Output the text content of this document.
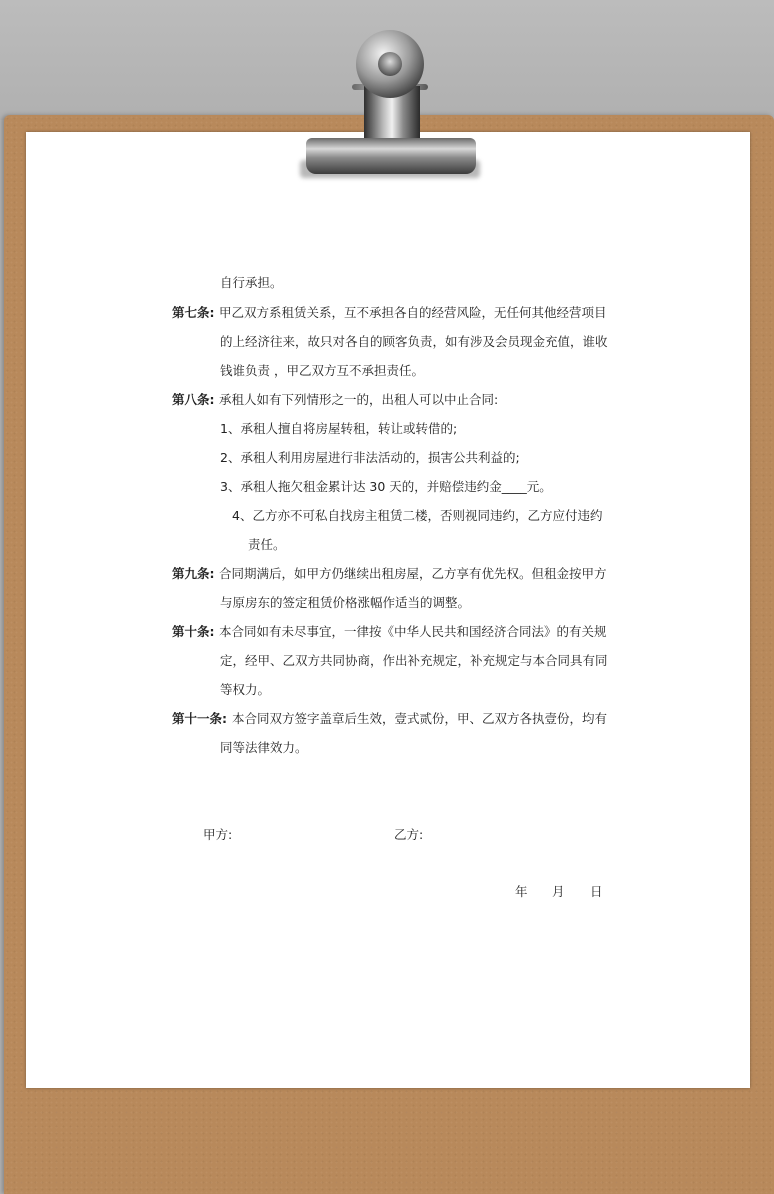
自行承担。
第七条: 甲乙双方系租赁关系，互不承担各自的经营风险，无任何其他经营项目
的上经济往来，故只对各自的顾客负责，如有涉及会员现金充值，谁收
钱谁负责 ，甲乙双方互不承担责任。
第八条: 承租人如有下列情形之一的，出租人可以中止合同:
1、承租人擅自将房屋转租，转让或转借的;
2、承租人利用房屋进行非法活动的，损害公共利益的;
3、承租人拖欠租金累计达 30 天的，并赔偿违约金____元。
4、乙方亦不可私自找房主租赁二楼，否则视同违约，乙方应付违约
责任。
第九条: 合同期满后，如甲方仍继续出租房屋，乙方享有优先权。但租金按甲方
与原房东的签定租赁价格涨幅作适当的调整。
第十条: 本合同如有未尽事宜，一律按《中华人民共和国经济合同法》的有关规
定，经甲、乙双方共同协商，作出补充规定，补充规定与本合同具有同
等权力。
第十一条: 本合同双方签字盖章后生效，壹式贰份，甲、乙双方各执壹份，均有
同等法律效力。
甲方:	乙方:
年 月 日
